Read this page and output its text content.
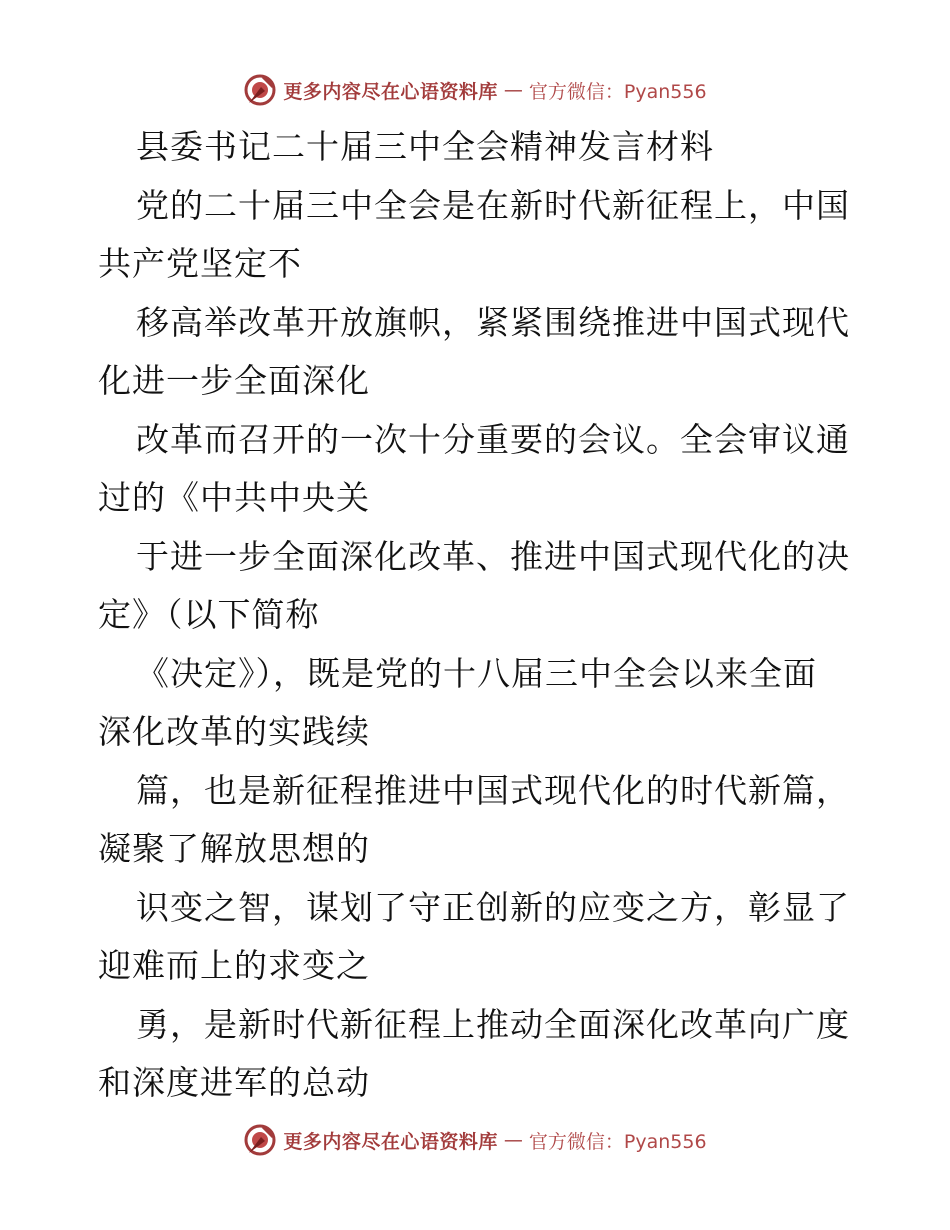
更多内容尽在心语资料库 — 官方微信：Pyan556
县委书记二十届三中全会精神发言材料
党的二十届三中全会是在新时代新征程上，中国
共产党坚定不
移高举改革开放旗帜，紧紧围绕推进中国式现代
化进一步全面深化
改革而召开的一次十分重要的会议。全会审议通
过的《中共中央关
于进一步全面深化改革、推进中国式现代化的决
定》（以下简称
《决定》），既是党的十八届三中全会以来全面
深化改革的实践续
篇，也是新征程推进中国式现代化的时代新篇，
凝聚了解放思想的
识变之智，谋划了守正创新的应变之方，彰显了
迎难而上的求变之
勇，是新时代新征程上推动全面深化改革向广度
和深度进军的总动
更多内容尽在心语资料库 — 官方微信：Pyan556
